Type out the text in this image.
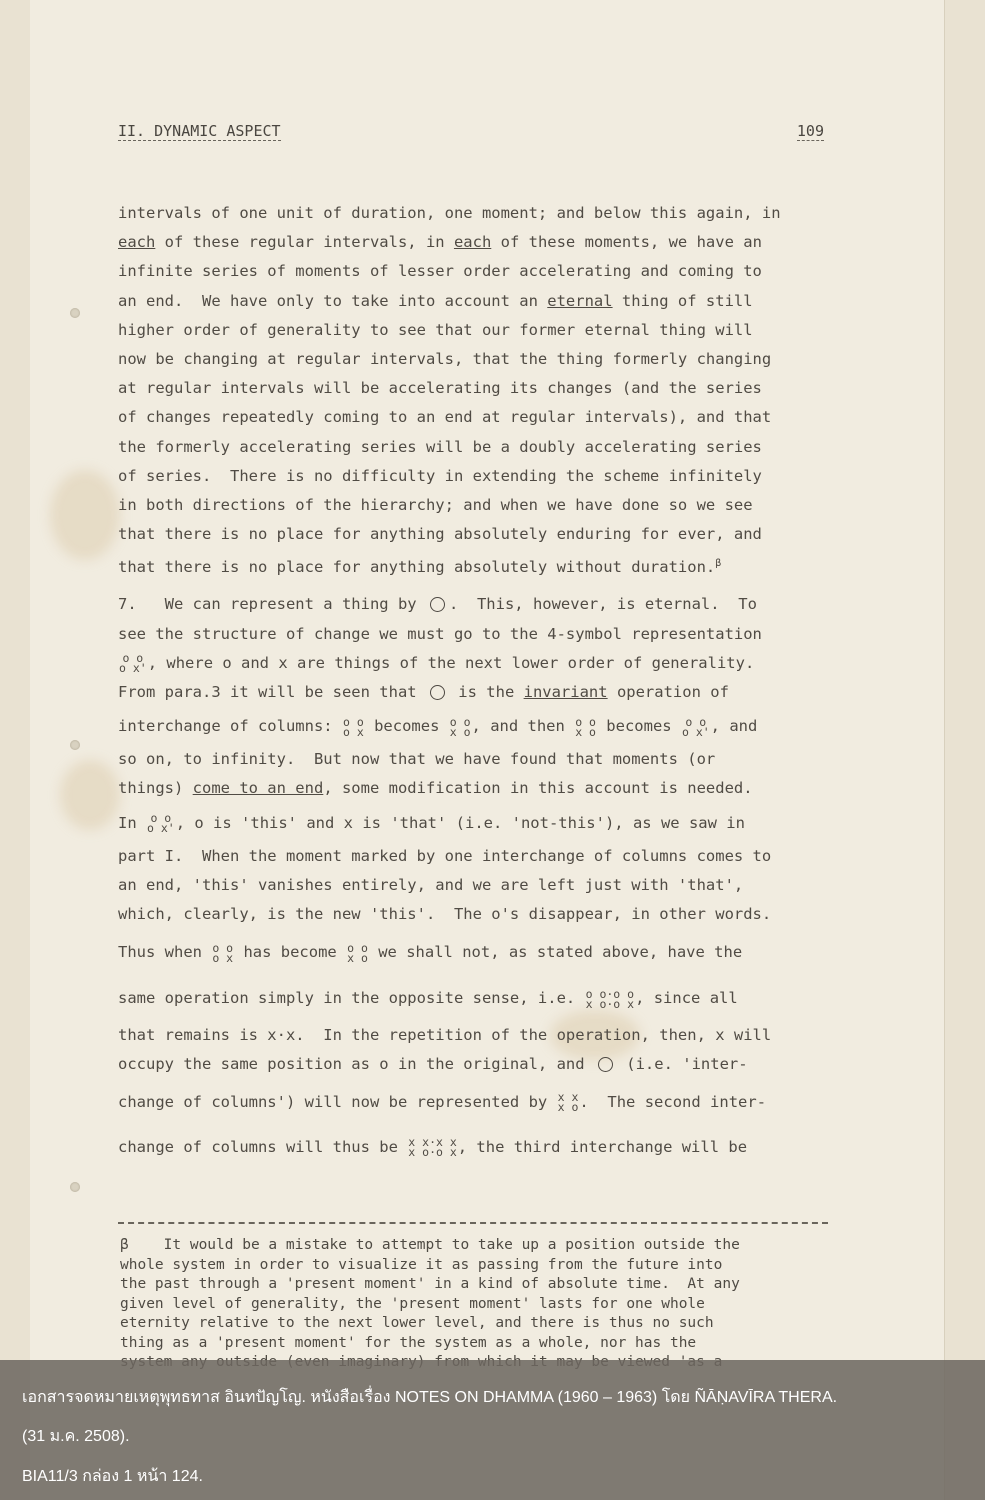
II. DYNAMIC ASPECT	109
intervals of one unit of duration, one moment; and below this again, in
each of these regular intervals, in each of these moments, we have an
infinite series of moments of lesser order accelerating and coming to
an end.  We have only to take into account an eternal thing of still
higher order of generality to see that our former eternal thing will
now be changing at regular intervals, that the thing formerly changing
at regular intervals will be accelerating its changes (and the series
of changes repeatedly coming to an end at regular intervals), and that
the formerly accelerating series will be a doubly accelerating series
of series.  There is no difficulty in extending the scheme infinitely
in both directions of the hierarchy; and when we have done so we see
that there is no place for anything absolutely enduring for ever, and
that there is no place for anything absolutely without duration.$^\beta$
7.   We can represent a thing by .  This, however, is eternal.  To
see the structure of change we must go to the 4-symbol representation
o o
o x' , where o and x are things of the next lower order of generality.
From para.3 it will be seen that  is the invariant operation of
interchange of columns: o o
o x becomes o o
x o , and then o o
x o becomes o o
o x' , and
so on, to infinity.  But now that we have found that moments (or
things) come to an end, some modification in this account is needed.
In o o
o x' , o is 'this' and x is 'that' (i.e. 'not-this'), as we saw in
part I.  When the moment marked by one interchange of columns comes to
an end, 'this' vanishes entirely, and we are left just with 'that',
which, clearly, is the new 'this'.  The o's disappear, in other words.
Thus when o o
o x has become o o
x o we shall not, as stated above, have the
same operation simply in the opposite sense, i.e. o o·o o
x o·o x , since all
that remains is x·x.  In the repetition of the operation, then, x will
occupy the same position as o in the original, and  (i.e. 'inter-
change of columns') will now be represented by x x
x o .  The second inter-
change of columns will thus be x x·x x
x o·o x , the third interchange will be
β    It would be a mistake to attempt to take up a position outside the
whole system in order to visualize it as passing from the future into
the past through a 'present moment' in a kind of absolute time.  At any
given level of generality, the 'present moment' lasts for one whole
eternity relative to the next lower level, and there is thus no such
thing as a 'present moment' for the system as a whole, nor has the
เอกสารจดหมายเหตุพุทธทาส อินทปัญโญ. หนังสือเรื่อง NOTES ON DHAMMA (1960 – 1963) โดย ÑĀṆAVĪRA THERA.
(31 ม.ค. 2508).
BIA11/3 กล่อง 1 หน้า 124.
